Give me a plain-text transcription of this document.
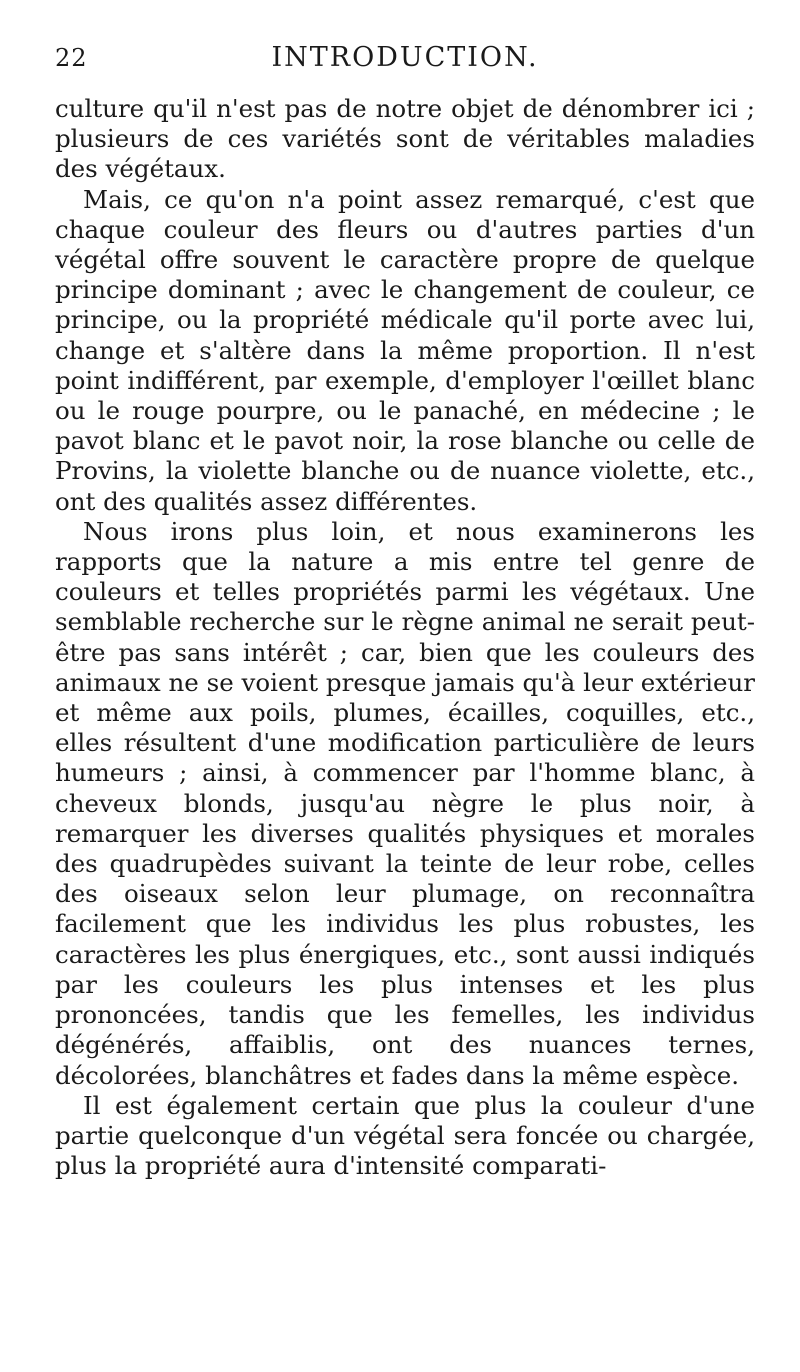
22	INTRODUCTION.

culture qu'il n'est pas de notre objet de dénombrer ici ; plusieurs de ces variétés sont de véritables maladies des végétaux.

Mais, ce qu'on n'a point assez remarqué, c'est que chaque couleur des fleurs ou d'autres parties d'un végétal offre souvent le caractère propre de quelque principe dominant ; avec le changement de couleur, ce principe, ou la propriété médicale qu'il porte avec lui, change et s'altère dans la même proportion. Il n'est point indifférent, par exemple, d'employer l'œillet blanc ou le rouge pourpre, ou le panaché, en médecine ; le pavot blanc et le pavot noir, la rose blanche ou celle de Provins, la violette blanche ou de nuance violette, etc., ont des qualités assez différentes.

Nous irons plus loin, et nous examinerons les rapports que la nature a mis entre tel genre de couleurs et telles propriétés parmi les végétaux. Une semblable recherche sur le règne animal ne serait peut-être pas sans intérêt ; car, bien que les couleurs des animaux ne se voient presque jamais qu'à leur extérieur et même aux poils, plumes, écailles, coquilles, etc., elles résultent d'une modification particulière de leurs humeurs ; ainsi, à commencer par l'homme blanc, à cheveux blonds, jusqu'au nègre le plus noir, à remarquer les diverses qualités physiques et morales des quadrupèdes suivant la teinte de leur robe, celles des oiseaux selon leur plumage, on reconnaîtra facilement que les individus les plus robustes, les caractères les plus énergiques, etc., sont aussi indiqués par les couleurs les plus intenses et les plus prononcées, tandis que les femelles, les individus dégénérés, affaiblis, ont des nuances ternes, décolorées, blanchâtres et fades dans la même espèce.

Il est également certain que plus la couleur d'une partie quelconque d'un végétal sera foncée ou chargée, plus la propriété aura d'intensité comparati-
